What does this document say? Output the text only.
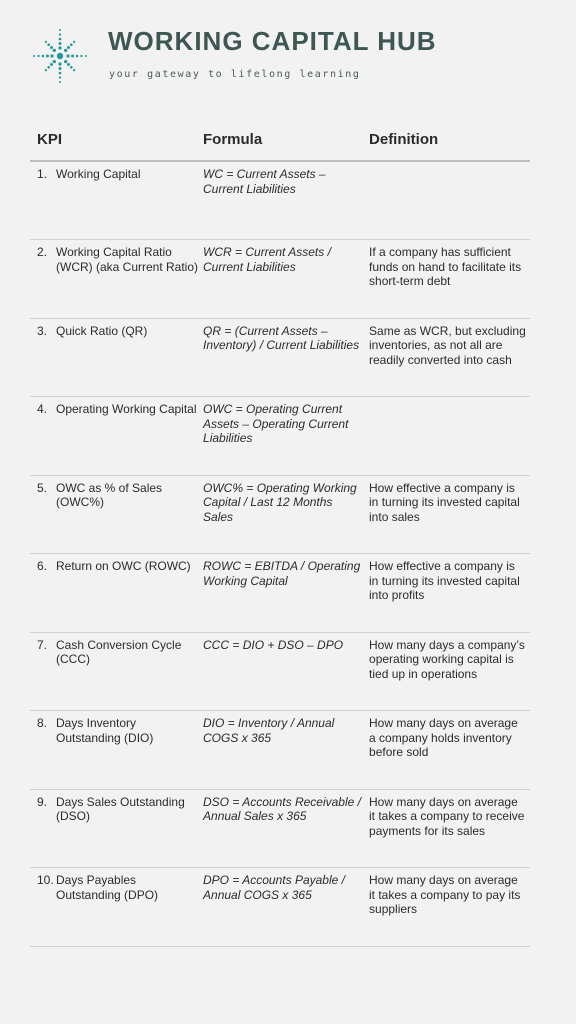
WORKING CAPITAL HUB
your gateway to lifelong learning
KPI		Formula	Definition
1.	Working Capital	WC = Current Assets – Current Liabilities	
2.	Working Capital Ratio (WCR) (aka Current Ratio)	WCR = Current Assets / Current Liabilities	If a company has sufficient funds on hand to facilitate its short-term debt
3.	Quick Ratio (QR)	QR = (Current Assets – Inventory) / Current Liabilities	Same as WCR, but excluding inventories, as not all are readily converted into cash
4.	Operating Working Capital	OWC = Operating Current Assets – Operating Current Liabilities	
5.	OWC as % of Sales (OWC%)	OWC% = Operating Working Capital / Last 12 Months Sales	How effective a company is in turning its invested capital into sales
6.	Return on OWC (ROWC)	ROWC = EBITDA / Operating Working Capital	How effective a company is in turning its invested capital into profits
7.	Cash Conversion Cycle (CCC)	CCC = DIO + DSO – DPO	How many days a company’s operating working capital is tied up in operations
8.	Days Inventory Outstanding (DIO)	DIO = Inventory / Annual COGS x 365	How many days on average a company holds inventory before sold
9.	Days Sales Outstanding (DSO)	DSO = Accounts Receivable / Annual Sales x 365	How many days on average it takes a company to receive payments for its sales
10.	Days Payables Outstanding (DPO)	DPO = Accounts Payable / Annual COGS x 365	How many days on average it takes a company to pay its suppliers
